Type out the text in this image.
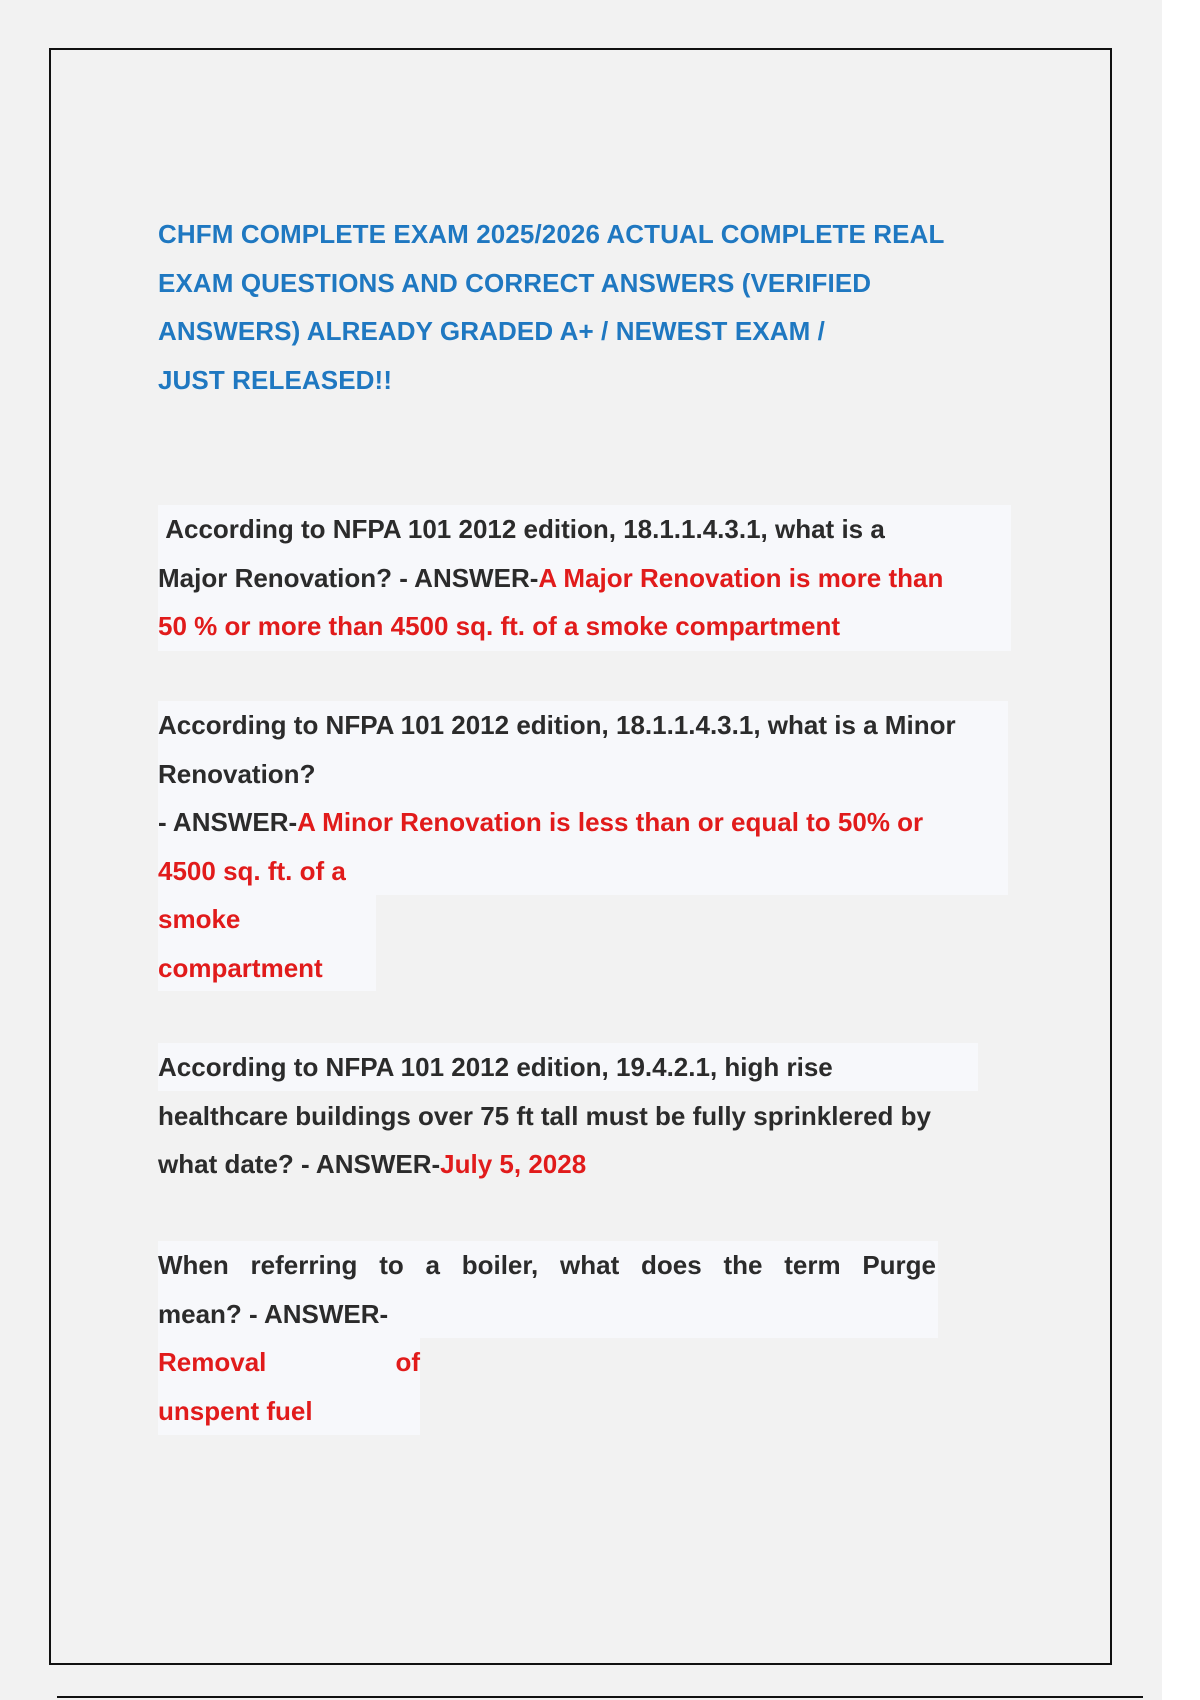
CHFM COMPLETE EXAM 2025/2026 ACTUAL COMPLETE REAL
EXAM QUESTIONS AND CORRECT ANSWERS (VERIFIED
ANSWERS) ALREADY GRADED A+ / NEWEST EXAM /
JUST RELEASED!!
According to NFPA 101 2012 edition, 18.1.1.4.3.1, what is a
Major Renovation? - ANSWER-A Major Renovation is more than
50 % or more than 4500 sq. ft. of a smoke compartment
According to NFPA 101 2012 edition, 18.1.1.4.3.1, what is a Minor
Renovation?
- ANSWER-A Minor Renovation is less than or equal to 50% or
4500 sq. ft. of a
smoke
compartment
According to NFPA 101 2012 edition, 19.4.2.1, high rise
healthcare buildings over 75 ft tall must be fully sprinklered by
what date? - ANSWER-July 5, 2028
When referring to a boiler, what does the term Purge
mean? - ANSWER-
Removal	of
unspent fuel
